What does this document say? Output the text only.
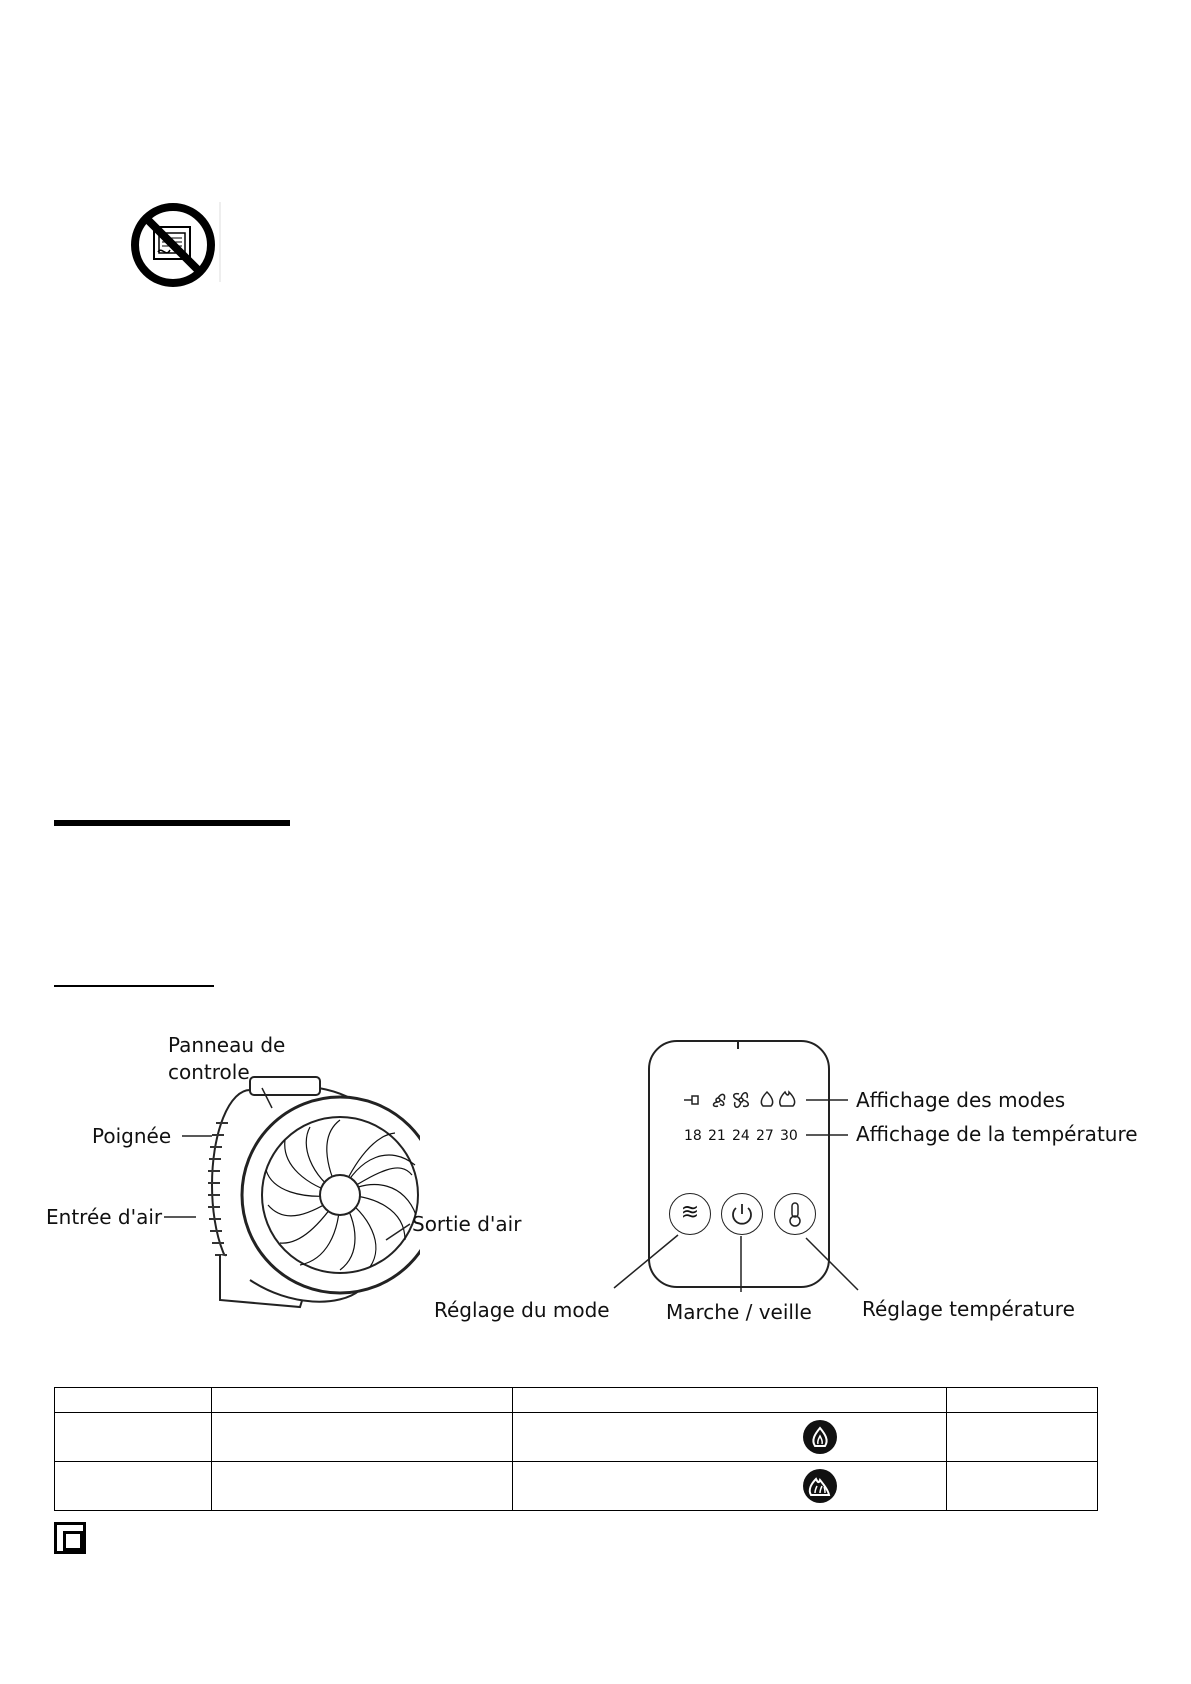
Panneau de
controle
Poignée
Entrée d'air	Sortie d'air
18 21 24 27 30
≋
Affichage des modes
Affichage de la température
Réglage du mode	Marche / veille	Réglage température
